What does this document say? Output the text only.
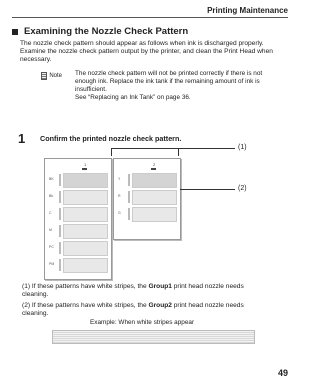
Printing Maintenance
Examining the Nozzle Check Pattern
The nozzle check pattern should appear as follows when ink is discharged properly. Examine the nozzle check pattern output by the printer, and clean the Print Head when necessary.
Note The nozzle check pattern will not be printed correctly if there is not enough ink. Replace the ink tank if the remaining amount of ink is insufficient.
See “Replacing an Ink Tank” on page 36.
1 Confirm the printed nozzle check pattern.
1
BK
Bk
C
M
PC
PM
2
Y
R
G
(1)
(2)
(1) If these patterns have white stripes, the Group1 print head nozzle needs cleaning.
(2) If these patterns have white stripes, the Group2 print head nozzle needs cleaning.
Example: When white stripes appear
49
